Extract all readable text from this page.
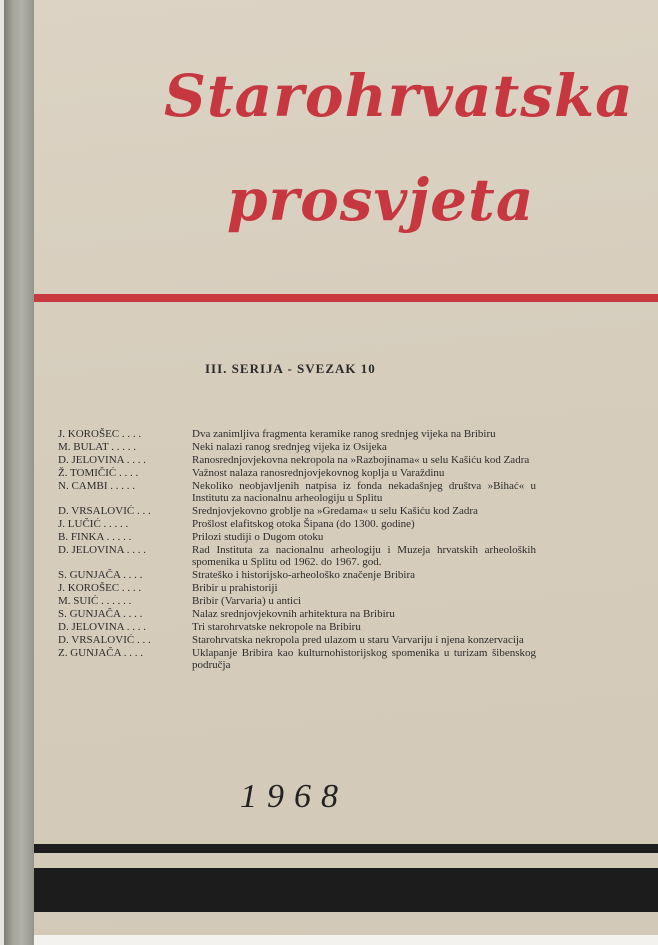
Starohrvatska
prosvjeta
III. SERIJA - SVEZAK 10
J. KOROŠEC . . . .	Dva zanimljiva fragmenta keramike ranog srednjeg vijeka na Bribiru
M. BULAT . . . . .	Neki nalazi ranog srednjeg vijeka iz Osijeka
D. JELOVINA . . . .	Ranosrednjovjekovna nekropola na »Razbojinama« u selu Kašiću kod Zadra
Ž. TOMIČIĆ . . . .	Važnost nalaza ranosrednjovjekovnog koplja u Varaždinu
N. CAMBI . . . . .	Nekoliko neobjavljenih natpisa iz fonda nekadašnjeg društva »Bihać« u Institutu za nacionalnu arheologiju u Splitu
D. VRSALOVIĆ . . .	Srednjovjekovno groblje na »Gredama« u selu Kašiću kod Zadra
J. LUČIĆ . . . . .	Prošlost elafitskog otoka Šipana (do 1300. godine)
B. FINKA . . . . .	Prilozi studiji o Dugom otoku
D. JELOVINA . . . .	Rad Instituta za nacionalnu arheologiju i Muzeja hrvatskih arheoloških spomenika u Splitu od 1962. do 1967. god.
S. GUNJAČA . . . .	Strateško i historijsko-arheološko značenje Bribira
J. KOROŠEC . . . .	Bribir u prahistoriji
M. SUIĆ . . . . . .	Bribir (Varvaria) u antici
S. GUNJAČA . . . .	Nalaz srednjovjekovnih arhitektura na Bribiru
D. JELOVINA . . . .	Tri starohrvatske nekropole na Bribiru
D. VRSALOVIĆ . . .	Starohrvatska nekropola pred ulazom u staru Varvariju i njena konzervacija
Z. GUNJAČA . . . .	Uklapanje Bribira kao kulturnohistorijskog spomenika u turizam šibenskog područja
1968
